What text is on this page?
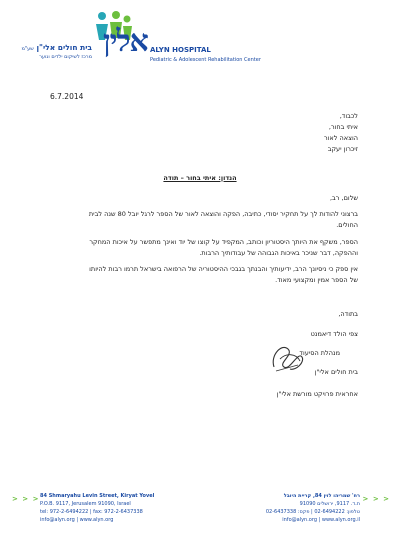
אלין
בית חולים אלי"ן שע"מ
מרכז לשיקום ילדים ונוער
ALYN HOSPITAL
Pediatric & Adolescent Rehabilitation Center
6.7.2014
לכבוד,
איתי בחור,
הוצאה לאור
זיכרון יעקב
הנדון: איתי בחור – תודה
שלום, רב,
ברצוני להודות לך על תחקיר יסודי, כתיבה, הפקה והוצאה לאור של הספר לרגל יובל 80 שנה לבית
החולים.
הספר, משקף את היותך היסטוריון וכותב, המקפיד על קוצו של יוד ואינך מתפשר על איכות המחקר
וההפקה, דבר שניכר באיכות הגבוהה של עבודותיך הרבות.
אין ספק כי ניסיונך הרב, ידיעותיך והבנתך בגבכי ההיסטוריה של הרפואה בישראל תרמו רבות להיותו
של הספר אמין ומקצועי מאוד.
בתודה,
צפי הולד דיאמנט
מנהלת הסיעוד
בית חולים אלי"ן
אחראית פרויקט מורשת אלי"ן
> > > 84 Shmaryahu Levin Street, Kiryat Yovel
P.O.B. 9117, Jerusalem 91090, Israel
tel: 972-2-6494222 | fax: 972-2-6437338
info@alyn.org | www.alyn.org
רח' שמריהו לוין 84, קריית היובל
ת.ד. 9117, ירושלים 91090
טלפון: 02-6494222 | פקס: 02-6437338
info@alyn.org | www.alyn.org.il
> > >
